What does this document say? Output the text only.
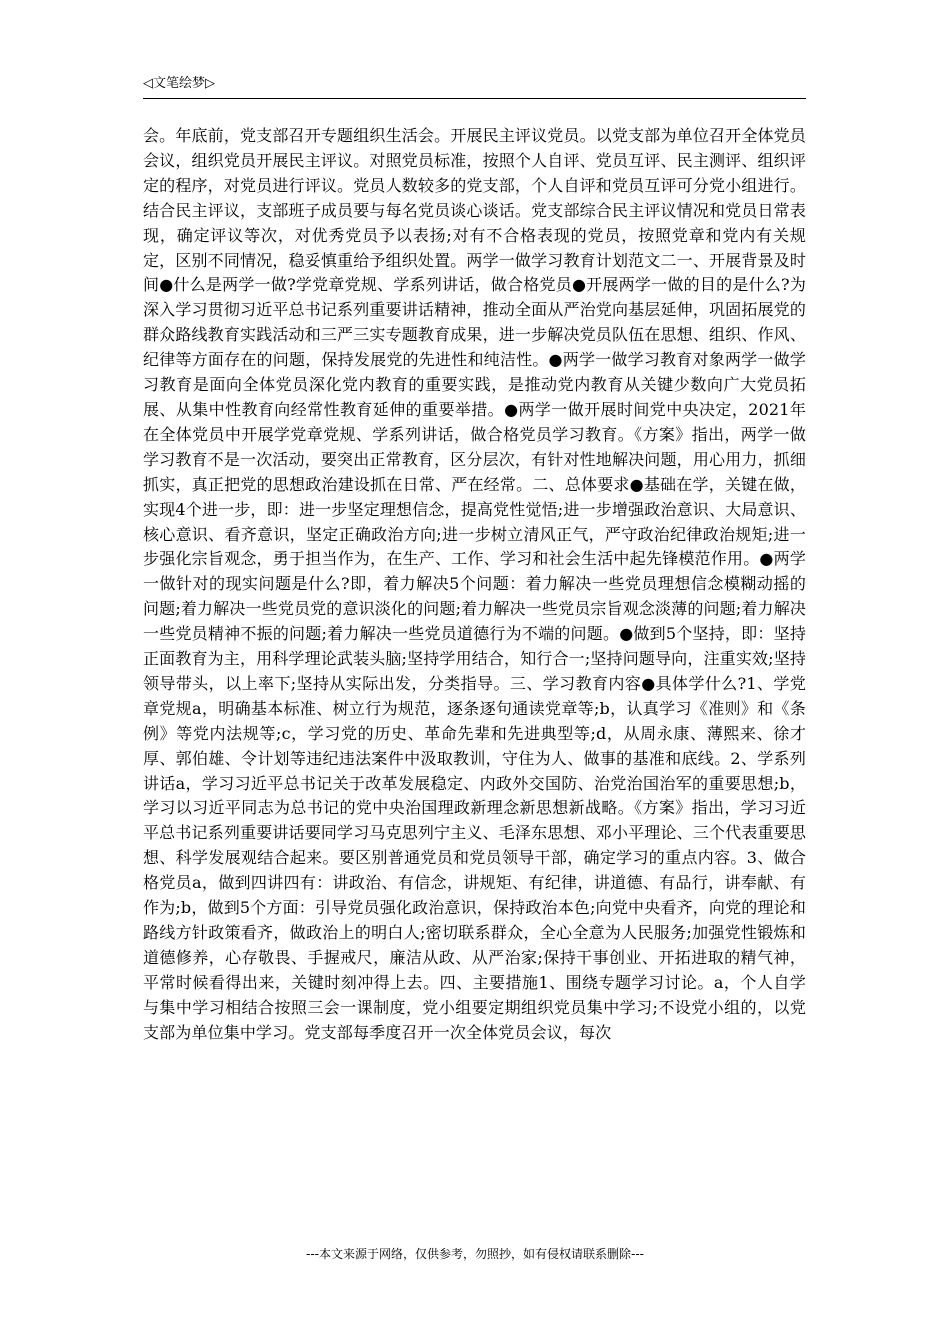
◁文笔绘梦▷
会。年底前，党支部召开专题组织生活会。开展民主评议党员。以党支部为单位召开全体党员会议，组织党员开展民主评议。对照党员标准，按照个人自评、党员互评、民主测评、组织评定的程序，对党员进行评议。党员人数较多的党支部，个人自评和党员互评可分党小组进行。结合民主评议，支部班子成员要与每名党员谈心谈话。党支部综合民主评议情况和党员日常表现，确定评议等次，对优秀党员予以表扬;对有不合格表现的党员，按照党章和党内有关规定，区别不同情况，稳妥慎重给予组织处置。两学一做学习教育计划范文二一、开展背景及时间●什么是两学一做?学党章党规、学系列讲话，做合格党员●开展两学一做的目的是什么?为深入学习贯彻习近平总书记系列重要讲话精神，推动全面从严治党向基层延伸，巩固拓展党的群众路线教育实践活动和三严三实专题教育成果，进一步解决党员队伍在思想、组织、作风、纪律等方面存在的问题，保持发展党的先进性和纯洁性。●两学一做学习教育对象两学一做学习教育是面向全体党员深化党内教育的重要实践，是推动党内教育从关键少数向广大党员拓展、从集中性教育向经常性教育延伸的重要举措。●两学一做开展时间党中央决定，2021年在全体党员中开展学党章党规、学系列讲话，做合格党员学习教育。《方案》指出，两学一做学习教育不是一次活动，要突出正常教育，区分层次，有针对性地解决问题，用心用力，抓细抓实，真正把党的思想政治建设抓在日常、严在经常。二、总体要求●基础在学，关键在做，实现4个进一步，即：进一步坚定理想信念，提高党性觉悟;进一步增强政治意识、大局意识、核心意识、看齐意识，坚定正确政治方向;进一步树立清风正气，严守政治纪律政治规矩;进一步强化宗旨观念，勇于担当作为，在生产、工作、学习和社会生活中起先锋模范作用。●两学一做针对的现实问题是什么?即，着力解决5个问题：着力解决一些党员理想信念模糊动摇的问题;着力解决一些党员党的意识淡化的问题;着力解决一些党员宗旨观念淡薄的问题;着力解决一些党员精神不振的问题;着力解决一些党员道德行为不端的问题。●做到5个坚持，即：坚持正面教育为主，用科学理论武装头脑;坚持学用结合，知行合一;坚持问题导向，注重实效;坚持领导带头，以上率下;坚持从实际出发，分类指导。三、学习教育内容●具体学什么?1、学党章党规a，明确基本标准、树立行为规范，逐条逐句通读党章等;b，认真学习《准则》和《条例》等党内法规等;c，学习党的历史、革命先辈和先进典型等;d，从周永康、薄熙来、徐才厚、郭伯雄、令计划等违纪违法案件中汲取教训，守住为人、做事的基准和底线。2、学系列讲话a，学习习近平总书记关于改革发展稳定、内政外交国防、治党治国治军的重要思想;b，学习以习近平同志为总书记的党中央治国理政新理念新思想新战略。《方案》指出，学习习近平总书记系列重要讲话要同学习马克思列宁主义、毛泽东思想、邓小平理论、三个代表重要思想、科学发展观结合起来。要区别普通党员和党员领导干部，确定学习的重点内容。3、做合格党员a，做到四讲四有：讲政治、有信念，讲规矩、有纪律，讲道德、有品行，讲奉献、有作为;b，做到5个方面：引导党员强化政治意识，保持政治本色;向党中央看齐，向党的理论和路线方针政策看齐，做政治上的明白人;密切联系群众，全心全意为人民服务;加强党性锻炼和道德修养，心存敬畏、手握戒尺，廉洁从政、从严治家;保持干事创业、开拓进取的精气神，平常时候看得出来，关键时刻冲得上去。四、主要措施1、围绕专题学习讨论。a，个人自学与集中学习相结合按照三会一课制度，党小组要定期组织党员集中学习;不设党小组的，以党支部为单位集中学习。党支部每季度召开一次全体党员会议，每次
---本文来源于网络，仅供参考，勿照抄，如有侵权请联系删除---
